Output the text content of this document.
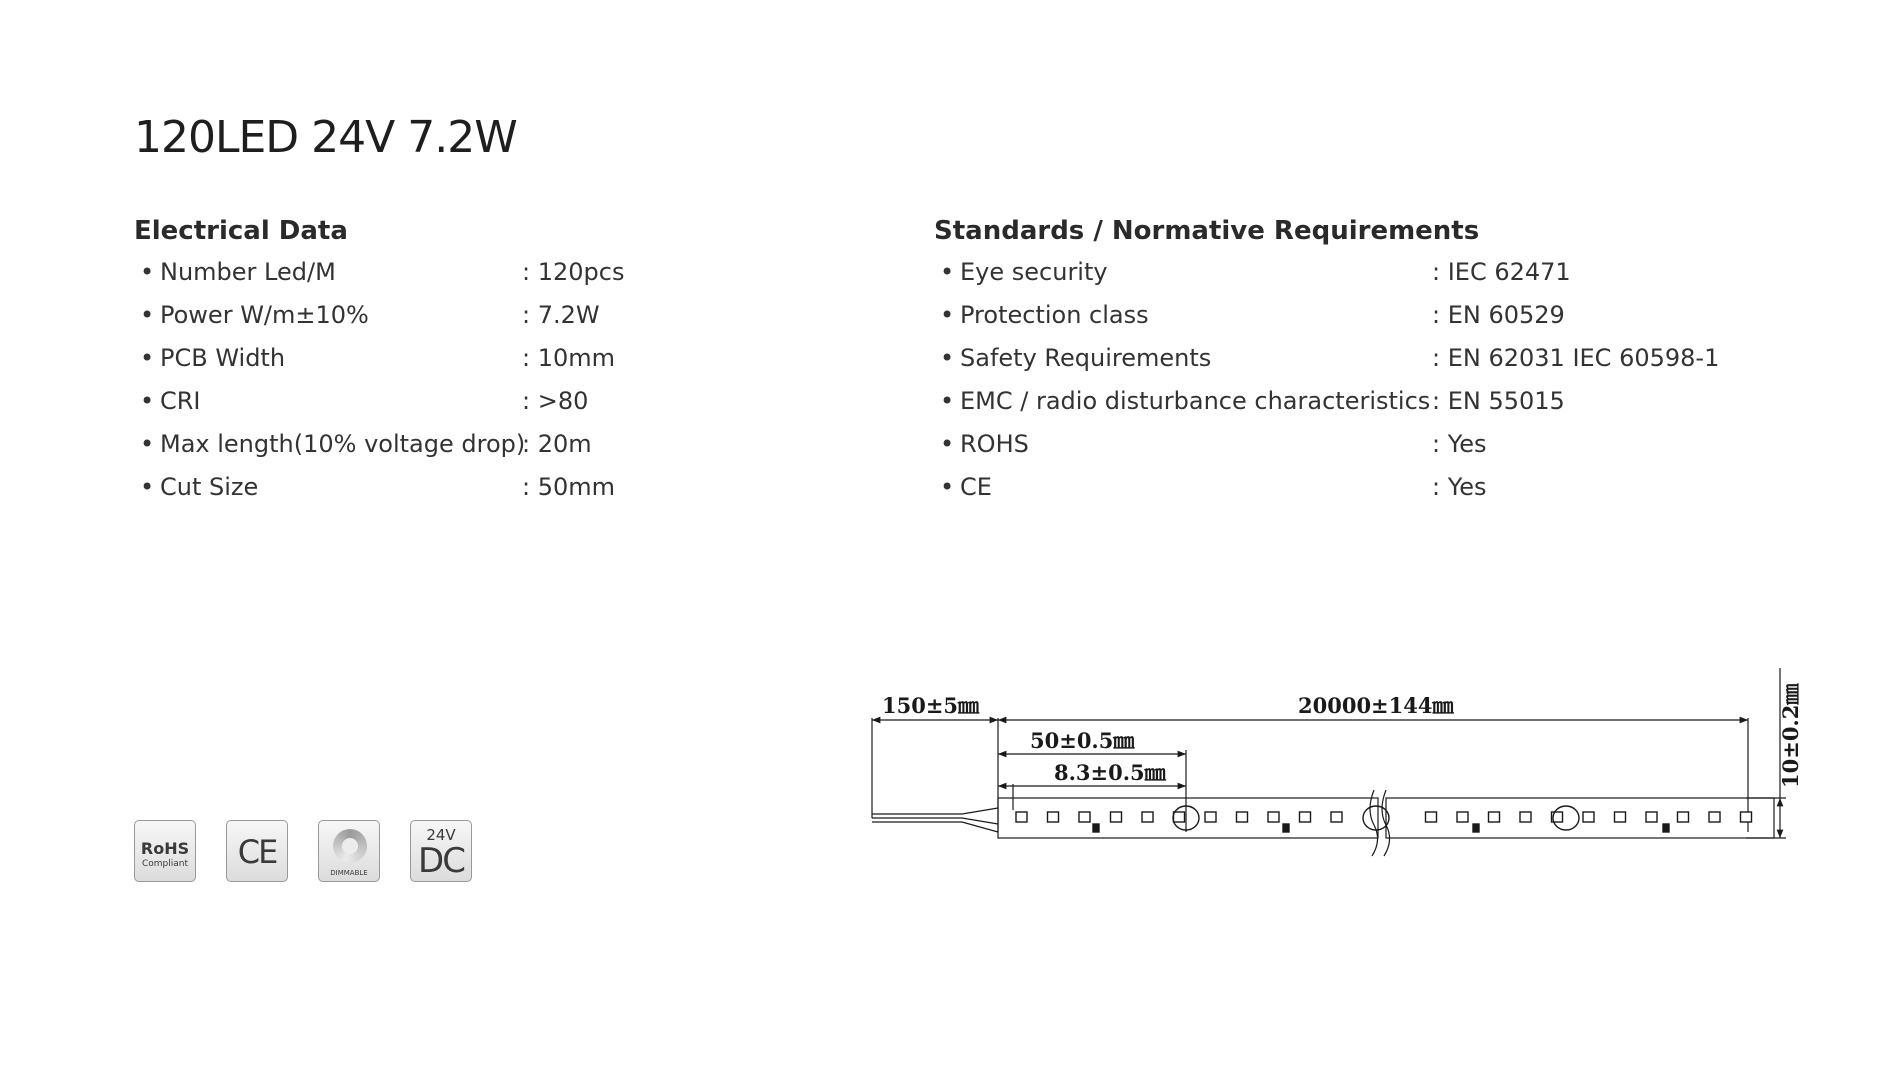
120LED 24V 7.2W
Electrical Data
• Number Led/M	: 120pcs
• Power W/m±10%	: 7.2W
• PCB Width	: 10mm
• CRI	: >80
• Max length(10% voltage drop)
: 20m
• Cut Size	: 50mm
Standards / Normative Requirements
• Eye security	: IEC 62471
• Protection class	: EN 60529
• Safety Requirements	: EN 62031 IEC 60598-1
• EMC / radio disturbance characteristics : EN 55015
• ROHS	: Yes
• CE	: Yes
RoHS
Compliant	CE
DIMMABLE
24V
DC
150±5㎜	20000±144㎜
50±0.5㎜
8.3±0.5㎜	10±0.2㎜
